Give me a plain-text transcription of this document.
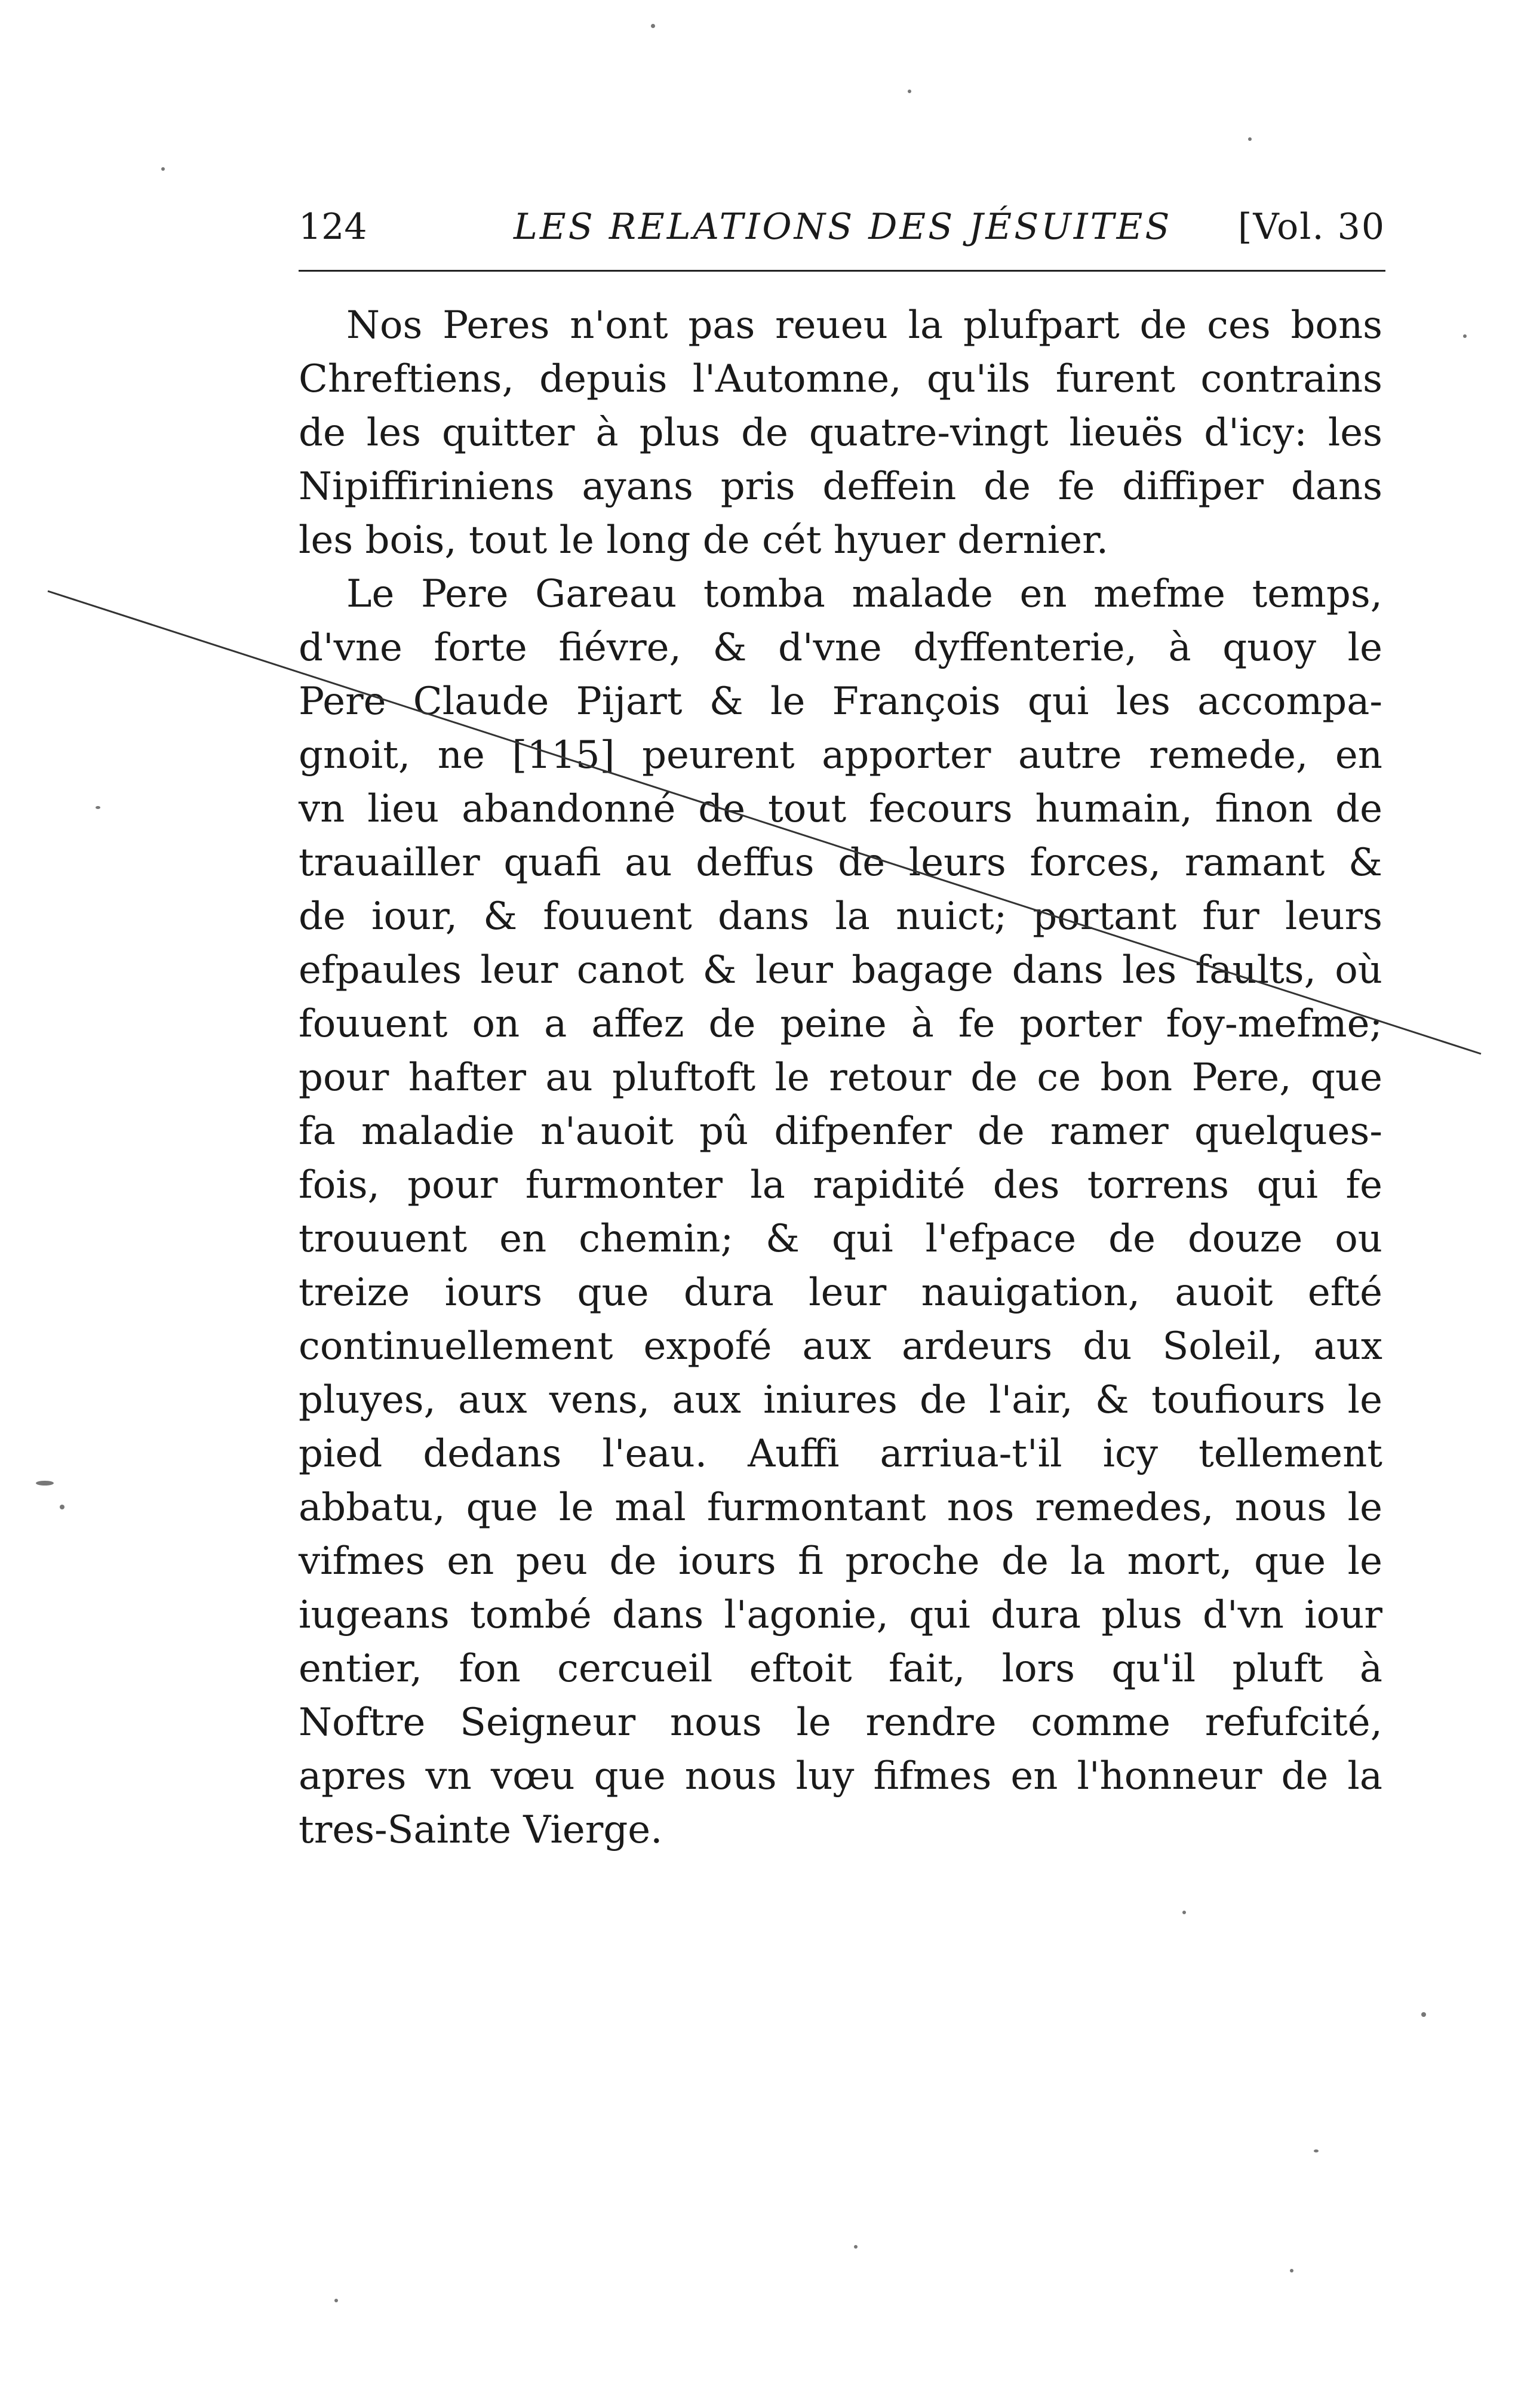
124	LES RELATIONS DES JÉSUITES [Vol. 30
Nos Peres n'ont pas reueu la plufpart de ces bons
Chreftiens, depuis l'Automne, qu'ils furent contrains
de les quitter à plus de quatre-vingt lieuës d'icy: les
Nipiffiriniens ayans pris deffein de fe diffiper dans
les bois, tout le long de cét hyuer dernier.
Le Pere Gareau tomba malade en mefme temps,
d'vne forte fiévre, & d'vne dyffenterie, à quoy le
Pere Claude Pijart & le François qui les accompa-
gnoit, ne [115] peurent apporter autre remede, en
vn lieu abandonné de tout fecours humain, finon de
trauailler quafi au deffus de leurs forces, ramant &
de iour, & fouuent dans la nuict; portant fur leurs
efpaules leur canot & leur bagage dans les faults, où
fouuent on a affez de peine à fe porter foy-mefme;
pour hafter au pluftoft le retour de ce bon Pere, que
fa maladie n'auoit pû difpenfer de ramer quelques-
fois, pour furmonter la rapidité des torrens qui fe
trouuent en chemin; & qui l'efpace de douze ou
treize iours que dura leur nauigation, auoit efté
continuellement expofé aux ardeurs du Soleil, aux
pluyes, aux vens, aux iniures de l'air, & toufiours le
pied dedans l'eau. Auffi arriua-t'il icy tellement
abbatu, que le mal furmontant nos remedes, nous le
vifmes en peu de iours fi proche de la mort, que le
iugeans tombé dans l'agonie, qui dura plus d'vn iour
entier, fon cercueil eftoit fait, lors qu'il pluft à
Noftre Seigneur nous le rendre comme refufcité,
apres vn vœu que nous luy fifmes en l'honneur de la
tres-Sainte Vierge.
